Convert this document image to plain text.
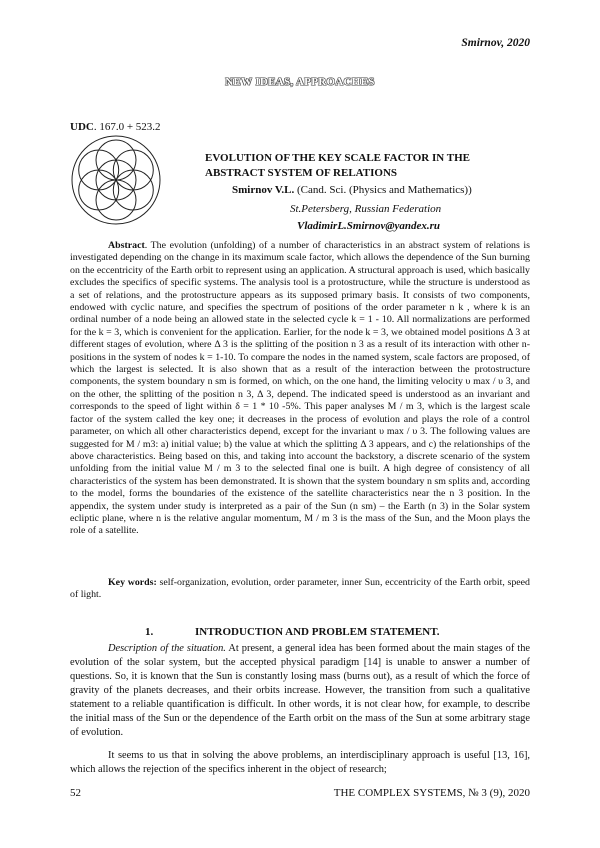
Smirnov, 2020
NEW IDEAS, APPROACHES
UDC. 167.0 + 523.2
EVOLUTION OF THE KEY SCALE FACTOR IN THE ABSTRACT SYSTEM OF RELATIONS
Smirnov V.L. (Cand. Sci. (Physics and Mathematics))
St.Petersberg, Russian Federation
VladimirL.Smirnov@yandex.ru

Abstract. The evolution (unfolding) of a number of characteristics in an abstract system of relations is investigated depending on the change in its maximum scale factor, which allows the dependence of the Sun burning on the eccentricity of the Earth orbit to represent using an application. A structural approach is used, which basically excludes the specifics of specific systems. The analysis tool is a protostructure, while the structure is understood as a set of relations, and the protostructure appears as its supposed primary basis. It consists of two components, endowed with cyclic nature, and specifies the spectrum of positions of the order parameter n k , where k is an ordinal number of a node being an allowed state in the selected cycle k = 1 - 10. All normalizations are performed for the k = 3, which is convenient for the application. Earlier, for the node k = 3, we obtained model positions Δ 3 at different stages of evolution, where Δ 3 is the splitting of the position n 3 as a result of its interaction with other n-positions in the system of nodes k = 1-10. To compare the nodes in the named system, scale factors are proposed, of which the largest is selected. It is also shown that as a result of the interaction between the protostructure components, the system boundary n sm is formed, on which, on the one hand, the limiting velocity υ max / υ 3, and on the other, the splitting of the position n 3, Δ 3, depend. The indicated speed is understood as an invariant and corresponds to the speed of light within δ = 1 * 10 -5%. This paper analyses M / m 3, which is the largest scale factor of the system called the key one; it decreases in the process of evolution and plays the role of a control parameter, on which all other characteristics depend, except for the invariant υ max / υ 3. The following values are suggested for M / m3: a) initial value; b) the value at which the splitting Δ 3 appears, and c) the relationships of the above characteristics. Being based on this, and taking into account the backstory, a discrete scenario of the system unfolding from the initial value M / m 3 to the selected final one is built. A high degree of consistency of all characteristics of the system has been demonstrated. It is shown that the system boundary n sm splits and, according to the model, forms the boundaries of the existence of the satellite characteristics near the n 3 position. In the appendix, the system under study is interpreted as a pair of the Sun (n sm) – the Earth (n 3) in the Solar system ecliptic plane, where n is the relative angular momentum, M / m 3 is the mass of the Sun, and the Moon plays the role of a satellite.

Key words: self-organization, evolution, order parameter, inner Sun, eccentricity of the Earth orbit, speed of light.

1.	INTRODUCTION AND PROBLEM STATEMENT.

Description of the situation. At present, a general idea has been formed about the main stages of the evolution of the solar system, but the accepted physical paradigm [14] is unable to answer a number of questions. So, it is known that the Sun is constantly losing mass (burns out), as a result of which the force of gravity of the planets decreases, and their orbits increase. However, the transition from such a qualitative statement to a reliable quantification is difficult. In other words, it is not clear how, for example, to describe the initial mass of the Sun or the dependence of the Earth orbit on the mass of the Sun at some arbitrary stage of evolution.

It seems to us that in solving the above problems, an interdisciplinary approach is useful [13, 16], which allows the rejection of the specifics inherent in the object of research;

52	THE COMPLEX SYSTEMS, № 3 (9), 2020
